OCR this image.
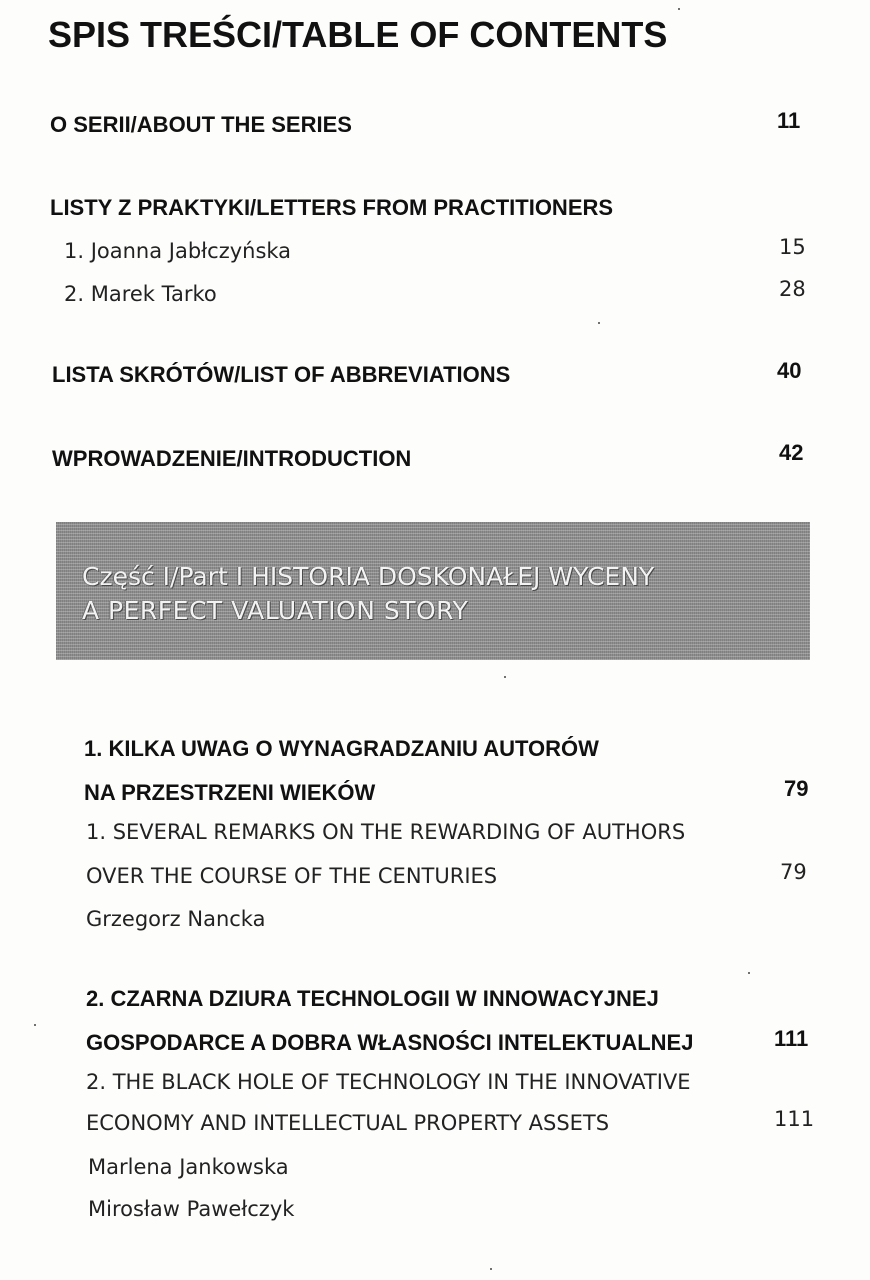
SPIS TREŚCI/TABLE OF CONTENTS
O SERII/ABOUT THE SERIES	11
LISTY Z PRAKTYKI/LETTERS FROM PRACTITIONERS
1. Joanna Jabłczyńska	15
2. Marek Tarko	28
LISTA SKRÓTÓW/LIST OF ABBREVIATIONS	40
WPROWADZENIE/INTRODUCTION	42
Część I/Part I HISTORIA DOSKONAŁEJ WYCENY
A PERFECT VALUATION STORY
1. KILKA UWAG O WYNAGRADZANIU AUTORÓW
NA PRZESTRZENI WIEKÓW	79
1. SEVERAL REMARKS ON THE REWARDING OF AUTHORS
OVER THE COURSE OF THE CENTURIES	79
Grzegorz Nancka
2. CZARNA DZIURA TECHNOLOGII W INNOWACYJNEJ
GOSPODARCE A DOBRA WŁASNOŚCI INTELEKTUALNEJ	111
2. THE BLACK HOLE OF TECHNOLOGY IN THE INNOVATIVE
ECONOMY AND INTELLECTUAL PROPERTY ASSETS	111
Marlena Jankowska
Mirosław Pawełczyk
